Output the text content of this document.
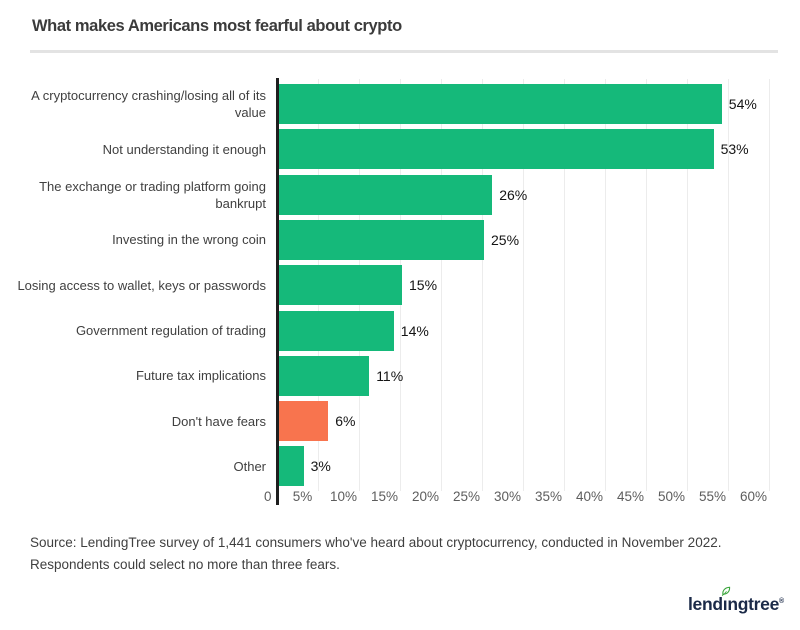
What makes Americans most fearful about crypto
A cryptocurrency crashing/losing all of its value
54%
Not understanding it enough	53%
The exchange or trading platform going bankrupt
26%
Investing in the wrong coin	25%
Losing access to wallet, keys or passwords	15%
Government regulation of trading	14%
Future tax implications	11%
Don't have fears	6%
Other	3%
0 5% 10% 15% 20% 25% 30% 35% 40% 45% 50% 55% 60%

Source: LendingTree survey of 1,441 consumers who've heard about cryptocurrency, conducted in November 2022. Respondents could select no more than three fears.

lend
ıngtree®
